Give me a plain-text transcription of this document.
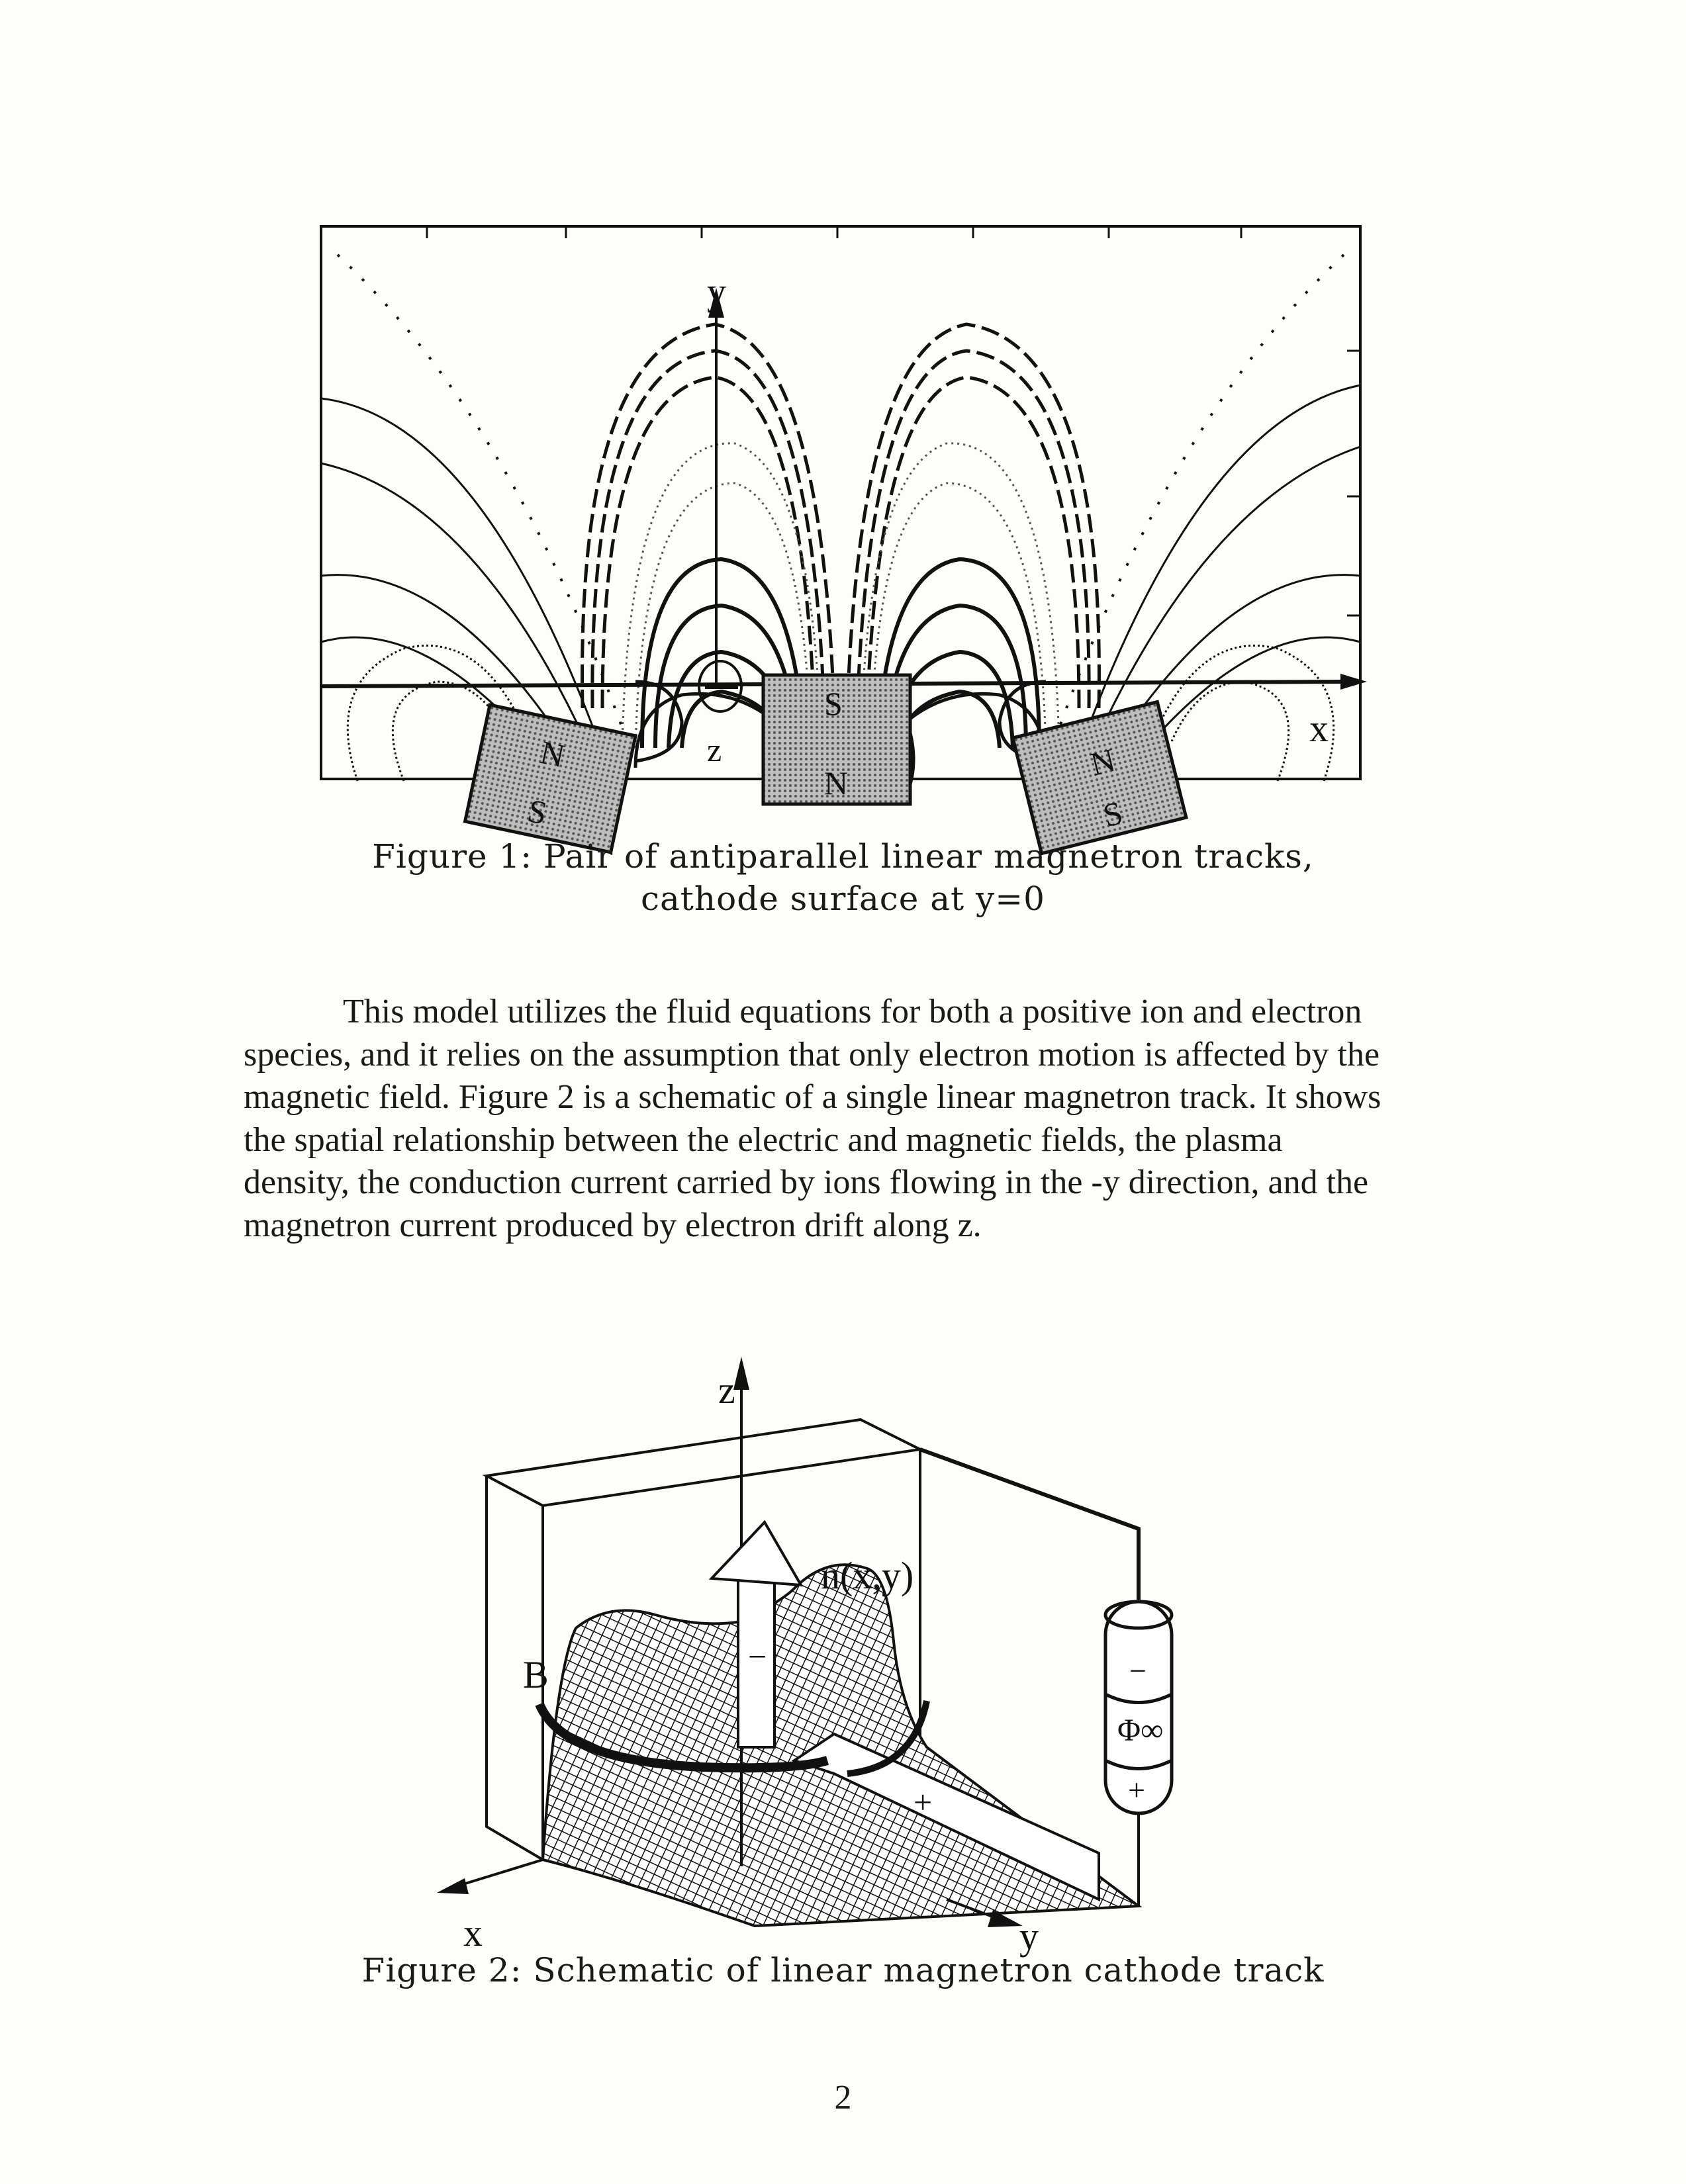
y
x
z
N
S
S
N
N
S
Figure 1: Pair of antiparallel linear magnetron tracks,
cathode surface at y=0

This model utilizes the fluid equations for both a positive ion and electron species, and it relies on the assumption that only electron motion is affected by the magnetic field. Figure 2 is a schematic of a single linear magnetron track. It shows the spatial relationship between the electric and magnetic fields, the plasma density, the conduction current carried by ions flowing in the -y direction, and the magnetron current produced by electron drift along z.

z
x	y
−
n(x,y)
+
B	−
Φ∞
+
Figure 2: Schematic of linear magnetron cathode track
2
